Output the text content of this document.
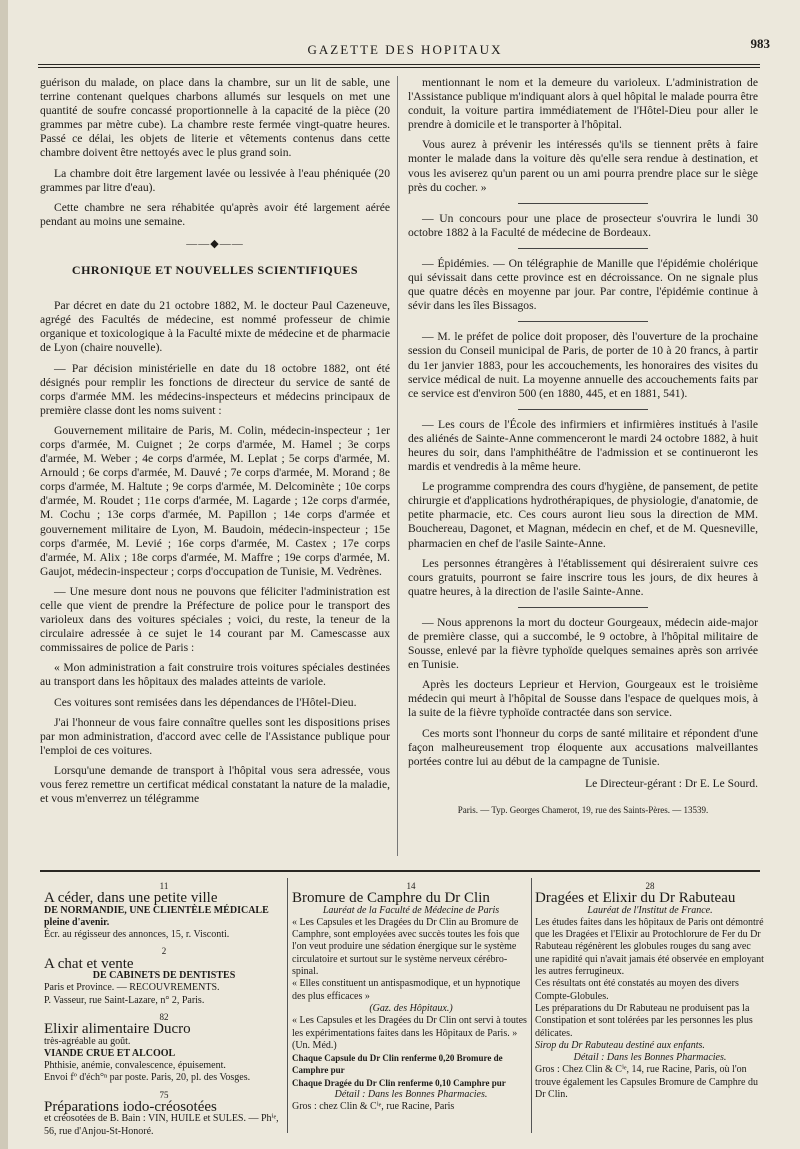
GAZETTE DES HOPITAUX	983

guérison du malade, on place dans la chambre, sur un lit de sable, une terrine contenant quelques charbons allumés sur lesquels on met une quantité de soufre concassé proportionnelle à la capacité de la pièce (20 grammes par mètre cube). La chambre reste fermée vingt-quatre heures. Passé ce délai, les objets de literie et vêtements contenus dans cette chambre doivent être nettoyés avec le plus grand soin.

La chambre doit être largement lavée ou lessivée à l'eau phéniquée (20 grammes par litre d'eau).

Cette chambre ne sera réhabitée qu'après avoir été largement aérée pendant au moins une semaine.

——◆——
CHRONIQUE ET NOUVELLES SCIENTIFIQUES

Par décret en date du 21 octobre 1882, M. le docteur Paul Cazeneuve, agrégé des Facultés de médecine, est nommé professeur de chimie organique et toxicologique à la Faculté mixte de médecine et de pharmacie de Lyon (chaire nouvelle).

— Par décision ministérielle en date du 18 octobre 1882, ont été désignés pour remplir les fonctions de directeur du service de santé de corps d'armée MM. les médecins-inspecteurs et médecins principaux de première classe dont les noms suivent :

Gouvernement militaire de Paris, M. Colin, médecin-inspecteur ; 1er corps d'armée, M. Cuignet ; 2e corps d'armée, M. Hamel ; 3e corps d'armée, M. Weber ; 4e corps d'armée, M. Leplat ; 5e corps d'armée, M. Arnould ; 6e corps d'armée, M. Dauvé ; 7e corps d'armée, M. Morand ; 8e corps d'armée, M. Haltute ; 9e corps d'armée, M. Delcominète ; 10e corps d'armée, M. Roudet ; 11e corps d'armée, M. Lagarde ; 12e corps d'armée, M. Cochu ; 13e corps d'armée, M. Papillon ; 14e corps d'armée et gouvernement militaire de Lyon, M. Baudoin, médecin-inspecteur ; 15e corps d'armée, M. Levié ; 16e corps d'armée, M. Castex ; 17e corps d'armée, M. Alix ; 18e corps d'armée, M. Maffre ; 19e corps d'armée, M. Gaujot, médecin-inspecteur ; corps d'occupation de Tunisie, M. Vedrènes.

— Une mesure dont nous ne pouvons que féliciter l'administration est celle que vient de prendre la Préfecture de police pour le transport des varioleux dans des voitures spéciales ; voici, du reste, la teneur de la circulaire adressée à ce sujet le 14 courant par M. Camescasse aux commissaires de police de Paris :

« Mon administration a fait construire trois voitures spéciales destinées au transport dans les hôpitaux des malades atteints de variole.

Ces voitures sont remisées dans les dépendances de l'Hôtel-Dieu.

J'ai l'honneur de vous faire connaître quelles sont les dispositions prises par mon administration, d'accord avec celle de l'Assistance publique pour l'emploi de ces voitures.

Lorsqu'une demande de transport à l'hôpital vous sera adressée, vous vous ferez remettre un certificat médical constatant la nature de la maladie, et vous m'enverrez un télégramme

mentionnant le nom et la demeure du varioleux. L'administration de l'Assistance publique m'indiquant alors à quel hôpital le malade pourra être conduit, la voiture partira immédiatement de l'Hôtel-Dieu pour aller le prendre à domicile et le transporter à l'hôpital.

Vous aurez à prévenir les intéressés qu'ils se tiennent prêts à faire monter le malade dans la voiture dès qu'elle sera rendue à destination, et vous les aviserez qu'un parent ou un ami pourra prendre place sur le siège près du cocher. »

— Un concours pour une place de prosecteur s'ouvrira le lundi 30 octobre 1882 à la Faculté de médecine de Bordeaux.

— Épidémies. — On télégraphie de Manille que l'épidémie cholérique qui sévissait dans cette province est en décroissance. On ne signale plus que quatre décès en moyenne par jour. Par contre, l'épidémie continue à sévir dans les îles Bissagos.

— M. le préfet de police doit proposer, dès l'ouverture de la prochaine session du Conseil municipal de Paris, de porter de 10 à 20 francs, à partir du 1er janvier 1883, pour les accouchements, les honoraires des visites du service médical de nuit. La moyenne annuelle des accouchements faits par ce service est d'environ 500 (en 1880, 445, et en 1881, 541).

— Les cours de l'École des infirmiers et infirmières institués à l'asile des aliénés de Sainte-Anne commenceront le mardi 24 octobre 1882, à huit heures du soir, dans l'amphithéâtre de l'admission et se continueront les mardis et vendredis à la même heure.

Le programme comprendra des cours d'hygiène, de pansement, de petite chirurgie et d'applications hydrothérapiques, de physiologie, d'anatomie, de petite pharmacie, etc. Ces cours auront lieu sous la direction de MM. Bouchereau, Dagonet, et Magnan, médecin en chef, et de M. Quesneville, pharmacien en chef de l'asile Sainte-Anne.

Les personnes étrangères à l'établissement qui désireraient suivre ces cours gratuits, pourront se faire inscrire tous les jours, de dix heures à quatre heures, à la direction de l'asile Sainte-Anne.

— Nous apprenons la mort du docteur Gourgeaux, médecin aide-major de première classe, qui a succombé, le 9 octobre, à l'hôpital militaire de Sousse, enlevé par la fièvre typhoïde quelques semaines après son arrivée en Tunisie.

Après les docteurs Leprieur et Hervion, Gourgeaux est le troisième médecin qui meurt à l'hôpital de Sousse dans l'espace de quelques mois, à la suite de la fièvre typhoïde contractée dans son service.

Ces morts sont l'honneur du corps de santé militaire et répondent d'une façon malheureusement trop éloquente aux accusations malveillantes portées contre lui au début de la campagne de Tunisie.

Le Directeur-gérant : Dr E. Le Sourd.
Paris. — Typ. Georges Chamerot, 19, rue des Saints-Pères. — 13539.
11
A céder, dans une petite ville
DE NORMANDIE, UNE CLIENTÈLE MÉDICALE pleine d'avenir.
Écr. au régisseur des annonces, 15, r. Visconti.
2
A chat et vente
DE CABINETS DE DENTISTES
Paris et Province. — RECOUVREMENTS.
P. Vasseur, rue Saint-Lazare, n° 2, Paris.
82
Elixir alimentaire Ducro
très-agréable au goût.
VIANDE CRUE ET ALCOOL
Phthisie, anémie, convalescence, épuisement.
Envoi fº d'éch°ⁿ par poste. Paris, 20, pl. des Vosges.
75
Préparations iodo-créosotées
et créosotées de B. Bain : VIN, HUILE et SULES. — Phⁱᵉ, 56, rue d'Anjou-St-Honoré.
14
Bromure de Camphre du Dr Clin
Lauréat de la Faculté de Médecine de Paris
« Les Capsules et les Dragées du Dr Clin au Bromure de Camphre, sont employées avec succès toutes les fois que l'on veut produire une sédation énergique sur le système circulatoire et surtout sur le système nerveux cérébro-spinal.
« Elles constituent un antispasmodique, et un hypnotique des plus efficaces »
(Gaz. des Hôpitaux.)
« Les Capsules et les Dragées du Dr Clin ont servi à toutes les expérimentations faites dans les Hôpitaux de Paris. » (Un. Méd.)
Chaque Capsule du Dr Clin renferme 0,20 Bromure de Camphre pur
Chaque Dragée du Dr Clin renferme 0,10 Camphre pur
Détail : Dans les Bonnes Pharmacies.
Gros : chez Clin & Cⁱᵉ, rue Racine, Paris
28
Dragées et Elixir du Dr Rabuteau
Lauréat de l'Institut de France.
Les études faites dans les hôpitaux de Paris ont démontré que les Dragées et l'Elixir au Protochlorure de Fer du Dr Rabuteau régénèrent les globules rouges du sang avec une rapidité qui n'avait jamais été observée en employant les autres ferrugineux.
Ces résultats ont été constatés au moyen des divers Compte-Globules.
Les préparations du Dr Rabuteau ne produisent pas la Constipation et sont tolérées par les personnes les plus délicates.
Sirop du Dr Rabuteau destiné aux enfants.
Détail : Dans les Bonnes Pharmacies.
Gros : Chez Clin & Cⁱᵉ, 14, rue Racine, Paris, où l'on trouve également les Capsules Bromure de Camphre du Dr Clin.
